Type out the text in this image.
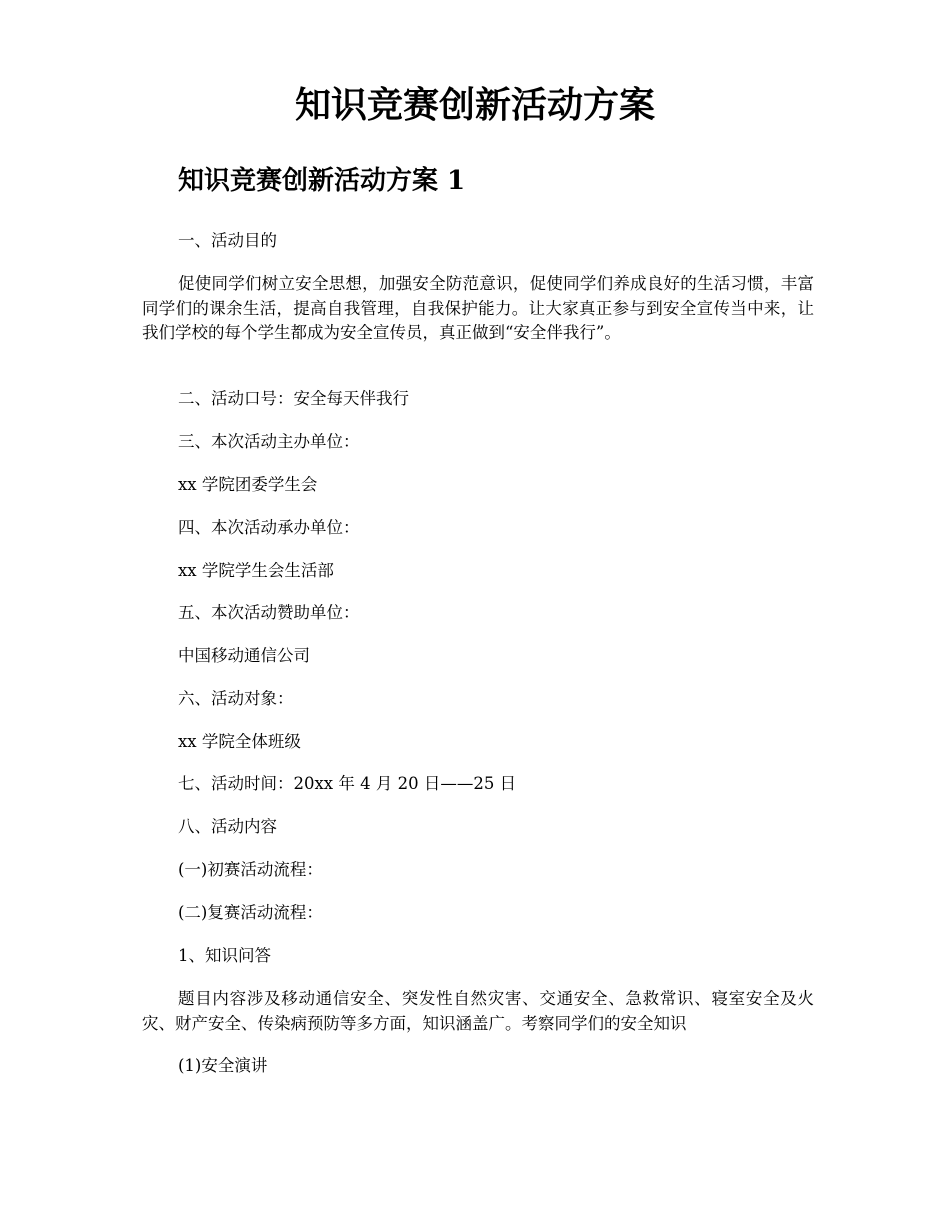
知识竞赛创新活动方案
知识竞赛创新活动方案 1

一、活动目的

促使同学们树立安全思想，加强安全防范意识，促使同学们养成良好的生活习惯，丰富同学们的课余生活，提高自我管理，自我保护能力。让大家真正参与到安全宣传当中来，让我们学校的每个学生都成为安全宣传员，真正做到“安全伴我行”。

二、活动口号：安全每天伴我行

三、本次活动主办单位：

xx 学院团委学生会

四、本次活动承办单位：

xx 学院学生会生活部

五、本次活动赞助单位：

中国移动通信公司

六、活动对象：

xx 学院全体班级

七、活动时间：20xx 年 4 月 20 日——25 日

八、活动内容

(一)初赛活动流程：

(二)复赛活动流程：

1、知识问答

题目内容涉及移动通信安全、突发性自然灾害、交通安全、急救常识、寝室安全及火灾、财产安全、传染病预防等多方面，知识涵盖广。考察同学们的安全知识

(1)安全演讲
